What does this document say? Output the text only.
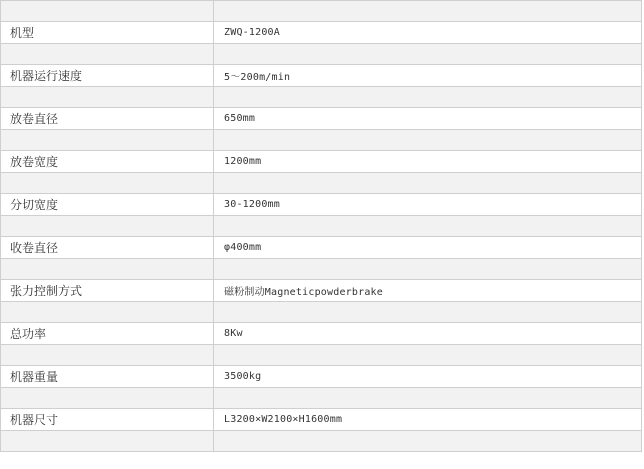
机型	ZWQ-1200A

机器运行速度	5～200m/min

放卷直径	650mm

放卷宽度	1200mm

分切宽度	30-1200mm

收卷直径	φ400mm

张力控制方式	磁粉制动Magneticpowderbrake

总功率	8Kw

机器重量	3500kg

机器尺寸	L3200×W2100×H1600mm
